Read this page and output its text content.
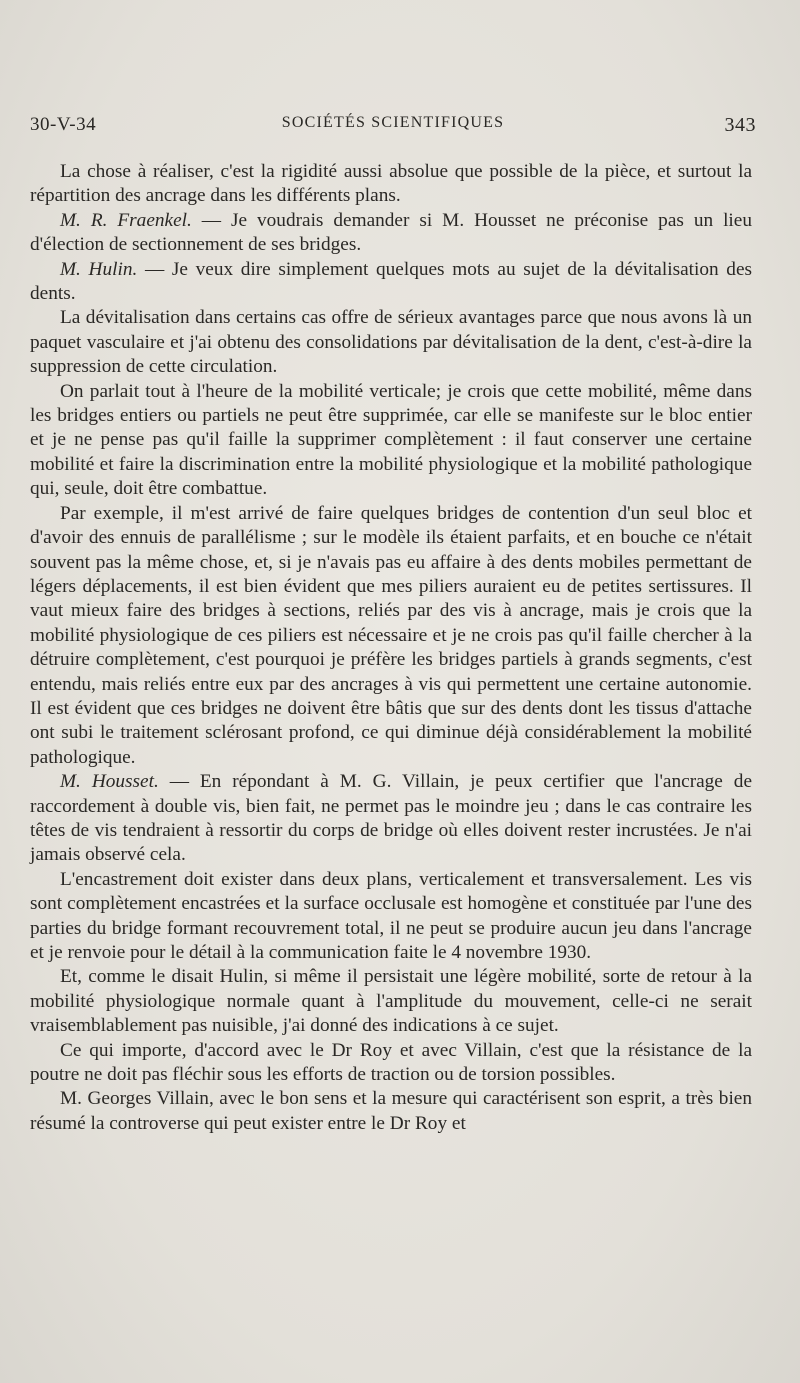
30-V-34	SOCIÉTÉS SCIENTIFIQUES	343

La chose à réaliser, c'est la rigidité aussi absolue que possible de la pièce, et surtout la répartition des ancrage dans les différents plans.

M. R. Fraenkel. — Je voudrais demander si M. Housset ne préconise pas un lieu d'élection de sectionnement de ses bridges.

M. Hulin. — Je veux dire simplement quelques mots au sujet de la dévitalisation des dents.

La dévitalisation dans certains cas offre de sérieux avantages parce que nous avons là un paquet vasculaire et j'ai obtenu des consolidations par dévitalisation de la dent, c'est-à-dire la suppression de cette circulation.

On parlait tout à l'heure de la mobilité verticale; je crois que cette mobilité, même dans les bridges entiers ou partiels ne peut être supprimée, car elle se manifeste sur le bloc entier et je ne pense pas qu'il faille la supprimer complètement : il faut conserver une certaine mobilité et faire la discrimination entre la mobilité physiologique et la mobilité pathologique qui, seule, doit être combattue.

Par exemple, il m'est arrivé de faire quelques bridges de contention d'un seul bloc et d'avoir des ennuis de parallélisme ; sur le modèle ils étaient parfaits, et en bouche ce n'était souvent pas la même chose, et, si je n'avais pas eu affaire à des dents mobiles permettant de légers déplacements, il est bien évident que mes piliers auraient eu de petites sertissures. Il vaut mieux faire des bridges à sections, reliés par des vis à ancrage, mais je crois que la mobilité physiologique de ces piliers est nécessaire et je ne crois pas qu'il faille chercher à la détruire complètement, c'est pourquoi je préfère les bridges partiels à grands segments, c'est entendu, mais reliés entre eux par des ancrages à vis qui permettent une certaine autonomie. Il est évident que ces bridges ne doivent être bâtis que sur des dents dont les tissus d'attache ont subi le traitement sclérosant profond, ce qui diminue déjà considérablement la mobilité pathologique.

M. Housset. — En répondant à M. G. Villain, je peux certifier que l'ancrage de raccordement à double vis, bien fait, ne permet pas le moindre jeu ; dans le cas contraire les têtes de vis tendraient à ressortir du corps de bridge où elles doivent rester incrustées. Je n'ai jamais observé cela.

L'encastrement doit exister dans deux plans, verticalement et transversalement. Les vis sont complètement encastrées et la surface occlusale est homogène et constituée par l'une des parties du bridge formant recouvrement total, il ne peut se produire aucun jeu dans l'ancrage et je renvoie pour le détail à la communication faite le 4 novembre 1930.

Et, comme le disait Hulin, si même il persistait une légère mobilité, sorte de retour à la mobilité physiologique normale quant à l'amplitude du mouvement, celle-ci ne serait vraisemblablement pas nuisible, j'ai donné des indications à ce sujet.

Ce qui importe, d'accord avec le Dr Roy et avec Villain, c'est que la résistance de la poutre ne doit pas fléchir sous les efforts de traction ou de torsion possibles.

M. Georges Villain, avec le bon sens et la mesure qui caractérisent son esprit, a très bien résumé la controverse qui peut exister entre le Dr Roy et
